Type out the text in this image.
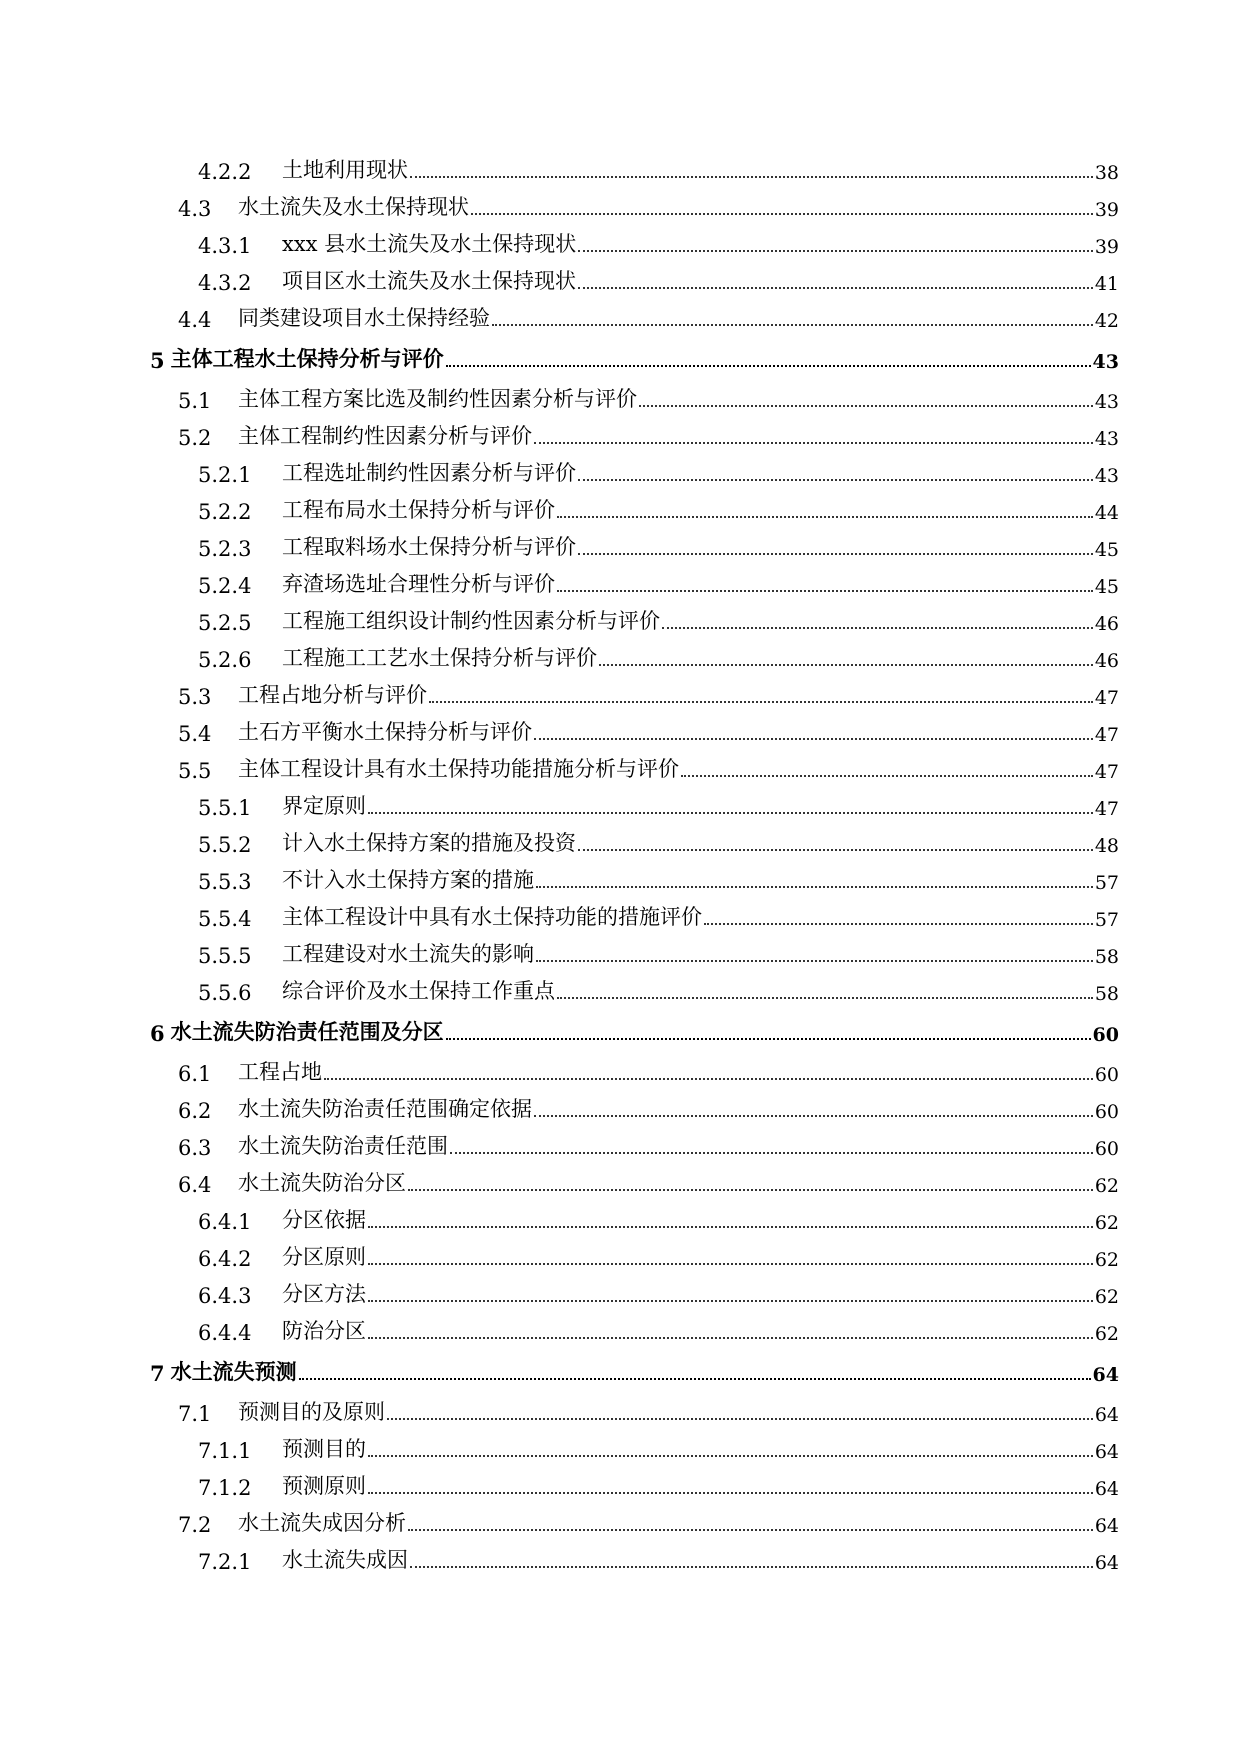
4.2.2	土地利用现状	38
4.3	水土流失及水土保持现状	39
4.3.1	xxx 县水土流失及水土保持现状	39
4.3.2	项目区水土流失及水土保持现状	41
4.4	同类建设项目水土保持经验	42
5 主体工程水土保持分析与评价	43
5.1	主体工程方案比选及制约性因素分析与评价	43
5.2	主体工程制约性因素分析与评价	43
5.2.1	工程选址制约性因素分析与评价	43
5.2.2	工程布局水土保持分析与评价	44
5.2.3	工程取料场水土保持分析与评价	45
5.2.4	弃渣场选址合理性分析与评价	45
5.2.5	工程施工组织设计制约性因素分析与评价	46
5.2.6	工程施工工艺水土保持分析与评价	46
5.3	工程占地分析与评价	47
5.4	土石方平衡水土保持分析与评价	47
5.5	主体工程设计具有水土保持功能措施分析与评价	47
5.5.1	界定原则	47
5.5.2	计入水土保持方案的措施及投资	48
5.5.3	不计入水土保持方案的措施	57
5.5.4	主体工程设计中具有水土保持功能的措施评价	57
5.5.5	工程建设对水土流失的影响	58
5.5.6	综合评价及水土保持工作重点	58
6 水土流失防治责任范围及分区	60
6.1	工程占地	60
6.2	水土流失防治责任范围确定依据	60
6.3	水土流失防治责任范围	60
6.4	水土流失防治分区	62
6.4.1	分区依据	62
6.4.2	分区原则	62
6.4.3	分区方法	62
6.4.4	防治分区	62
7 水土流失预测	64
7.1	预测目的及原则	64
7.1.1	预测目的	64
7.1.2	预测原则	64
7.2	水土流失成因分析	64
7.2.1	水土流失成因	64
